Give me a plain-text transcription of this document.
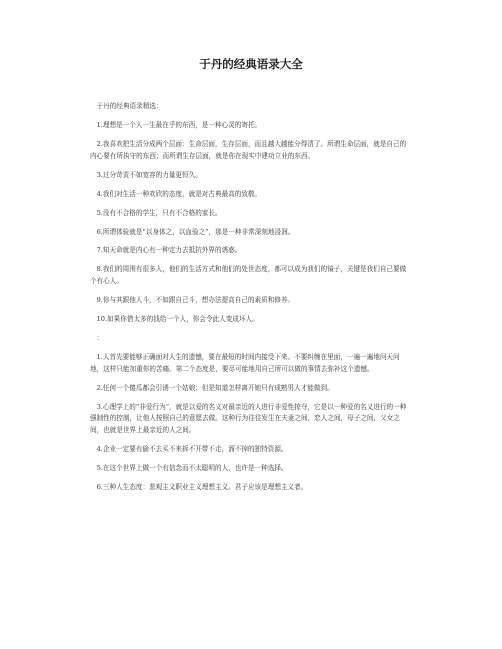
于丹的经典语录大全

于丹的经典语录精选：

1.理想是一个人一生最在乎的东西，是一种心灵的寄托。

2.我喜欢把生活分成两个层面：生命层面，生存层面，而且越大越能分得清了。所谓生命层面，就是自己的内心要有所执守的东西；而所谓生存层面，就是你在现实中建功立业的东西。

3.过分苛责不如宽容的力量更恒久。

4.我们对生活一种欢欣的态度，就是对古典最高的致敬。

5.没有不合格的学生，只有不合格的家长。

6.所谓体验就是”以身体之，以血验之“，那是一种非常深刻地浸润。

7.知天命就是内心有一种定力去抵抗外界的诱惑。

8.我们的周围有很多人，他们的生活方式和他们的处世态度，都可以成为我们的镜子，关键是我们自己要做个有心人。

9.你与其跟他人斗，不如跟自己斗，想办法提高自己的素质和修养。

10.如果你借太多的钱给一个人，你会令此人变成坏人。

：

1.人首先要能够正确面对人生的遗憾，要在最短的时间内接受下来。不要纠缠在里面，一遍一遍地问天问地，这样只能加重你的苦痛。第二个态度是，要尽可能地用自己所可以做的事情去弥补这个遗憾。

2.任何一个傻瓜都会引诱一个姑娘；但是知道怎样离开她只有成熟男人才能做到。

3.心理学上的”非爱行为“，就是以爱的名义对最亲近的人进行非爱性掠夺，它是以一种爱的名义进行的一种强制性的控制，让他人按照自己的意愿去做。这种行为往往发生在夫妻之间，恋人之间，母子之间，父女之间，也就是世界上最亲近的人之间。

4.企业一定要有偷不去买不来拆不开带不走，溜不掉的独特资源。

5.在这个世界上做一个有信念而不太聪明的人，也许是一种选择。

6.三种人生态度：悲观主义职业主义理想主义。君子应该是理想主义者。
